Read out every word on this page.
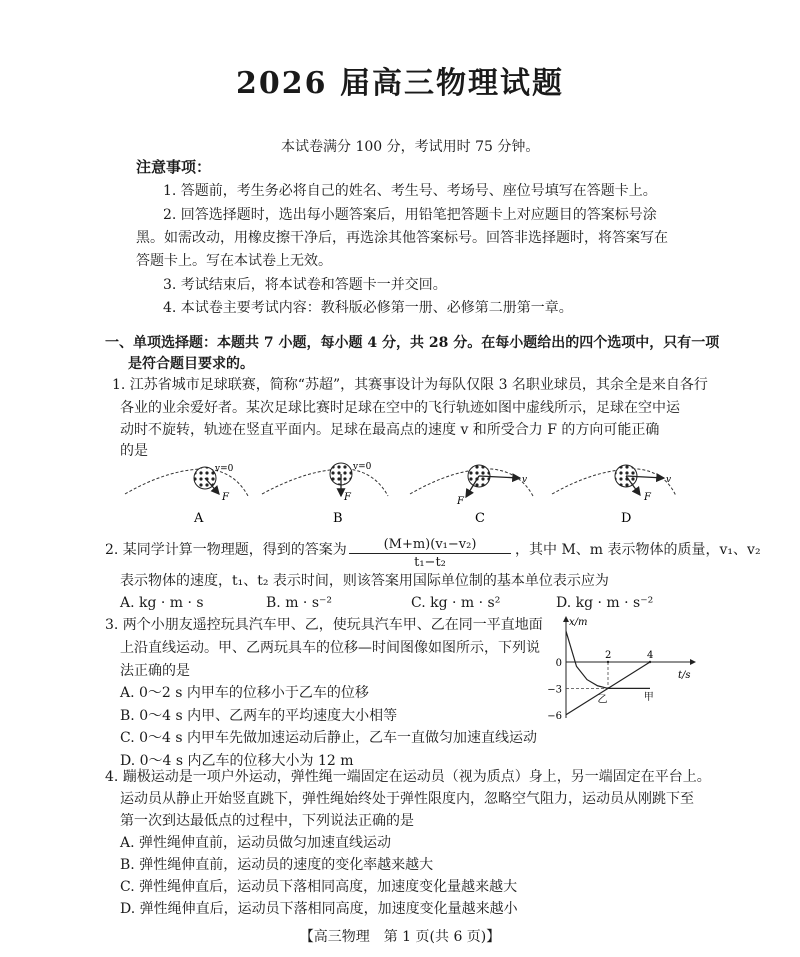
2026 届高三物理试题
本试卷满分 100 分，考试用时 75 分钟。
注意事项：
1. 答题前，考生务必将自己的姓名、考生号、考场号、座位号填写在答题卡上。
2. 回答选择题时，选出每小题答案后，用铅笔把答题卡上对应题目的答案标号涂
黑。如需改动，用橡皮擦干净后，再选涂其他答案标号。回答非选择题时，将答案写在
答题卡上。写在本试卷上无效。
3. 考试结束后，将本试卷和答题卡一并交回。
4. 本试卷主要考试内容：教科版必修第一册、必修第二册第一章。
一、单项选择题：本题共 7 小题，每小题 4 分，共 28 分。在每小题给出的四个选项中，只有一项
是符合题目要求的。
1. 江苏省城市足球联赛，简称“苏超”，其赛事设计为每队仅限 3 名职业球员，其余全是来自各行
各业的业余爱好者。某次足球比赛时足球在空中的飞行轨迹如图中虚线所示，足球在空中运
动时不旋转，轨迹在竖直平面内。足球在最高点的速度 v 和所受合力 F 的方向可能正确
的是
v=0
F
A
v=0
F
B
v
F
C
v
F
D
2. 某同学计算一物理题，得到的答案为 $\frac{\text{(M+m)(v₁−v₂)}}{\text{t₁−t₂}}$ ，其中 M、m 表示物体的质量，v₁、v₂
表示物体的速度，t₁、t₂ 表示时间，则该答案用国际单位制的基本单位表示应为
A. kg · m · s	B. m · s⁻²	C. kg · m · s²	D. kg · m · s⁻²
3. 两个小朋友遥控玩具汽车甲、乙，使玩具汽车甲、乙在同一平直地面
上沿直线运动。甲、乙两玩具车的位移—时间图像如图所示，下列说
法正确的是
A. 0～2 s 内甲车的位移小于乙车的位移
B. 0～4 s 内甲、乙两车的平均速度大小相等
C. 0～4 s 内甲车先做加速运动后静止，乙车一直做匀加速直线运动
D. 0～4 s 内乙车的位移大小为 12 m
x/m
t/s
甲
乙
2	4
0
−3
−6
4. 蹦极运动是一项户外运动，弹性绳一端固定在运动员（视为质点）身上，另一端固定在平台上。
运动员从静止开始竖直跳下，弹性绳始终处于弹性限度内，忽略空气阻力，运动员从刚跳下至
第一次到达最低点的过程中，下列说法正确的是
A. 弹性绳伸直前，运动员做匀加速直线运动
B. 弹性绳伸直前，运动员的速度的变化率越来越大
C. 弹性绳伸直后，运动员下落相同高度，加速度变化量越来越大
D. 弹性绳伸直后，运动员下落相同高度，加速度变化量越来越小
【高三物理　第 1 页(共 6 页)】
